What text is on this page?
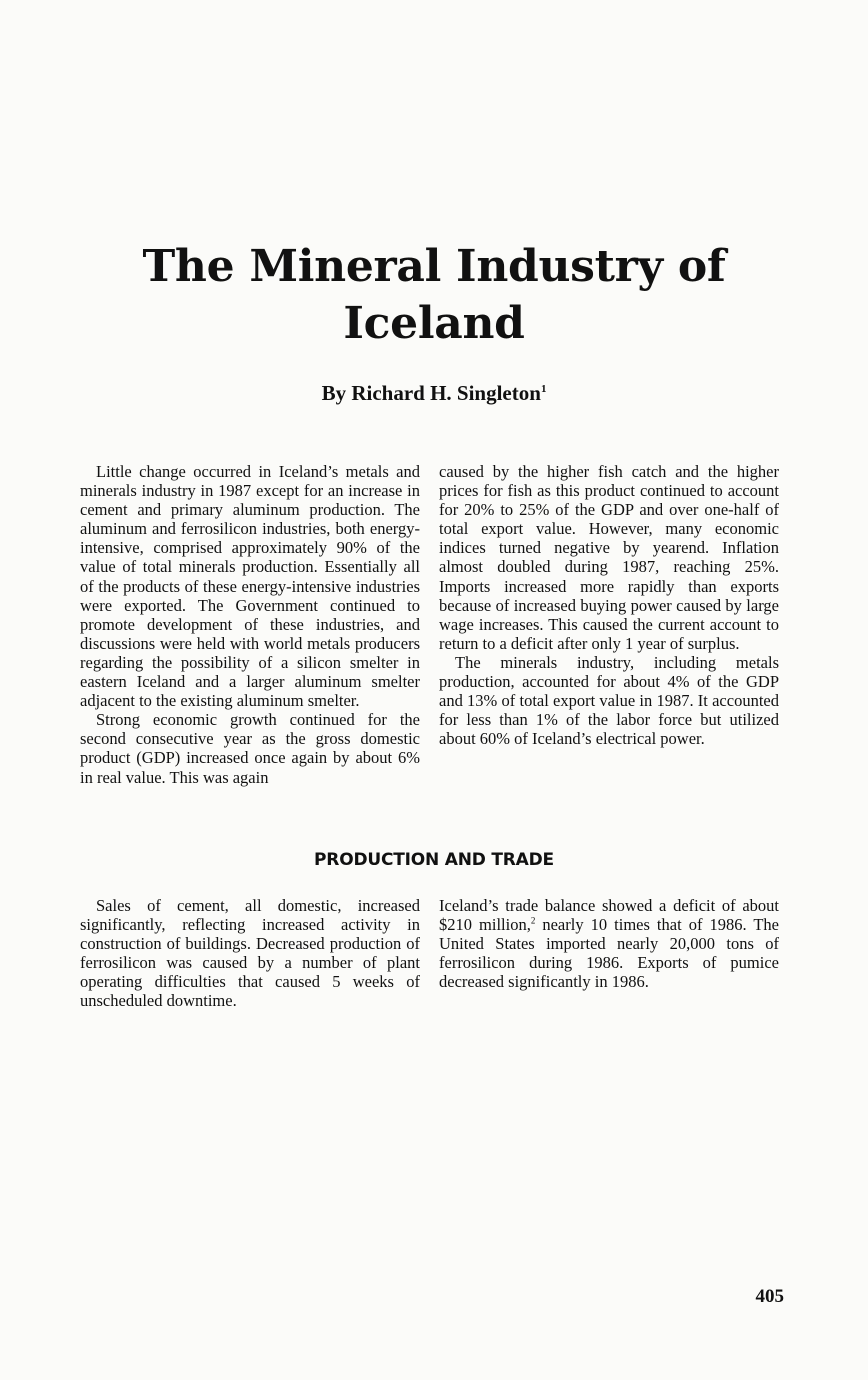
The Mineral Industry of
Iceland
By Richard H. Singleton$^1$

Little change occurred in Iceland’s metals and minerals industry in 1987 except for an increase in cement and primary aluminum production. The aluminum and ferrosilicon industries, both energy-intensive, comprised approximately 90% of the value of total minerals production. Essentially all of the products of these energy-intensive industries were exported. The Government continued to promote development of these industries, and discussions were held with world metals producers regarding the possibility of a silicon smelter in eastern Iceland and a larger aluminum smelter adjacent to the existing aluminum smelter.

Strong economic growth continued for the second consecutive year as the gross domestic product (GDP) increased once again by about 6% in real value. This was again

caused by the higher fish catch and the higher prices for fish as this product continued to account for 20% to 25% of the GDP and over one-half of total export value. However, many economic indices turned negative by yearend. Inflation almost doubled during 1987, reaching 25%. Imports increased more rapidly than exports because of increased buying power caused by large wage increases. This caused the current account to return to a deficit after only 1 year of surplus.

The minerals industry, including metals production, accounted for about 4% of the GDP and 13% of total export value in 1987. It accounted for less than 1% of the labor force but utilized about 60% of Iceland’s electrical power.

PRODUCTION AND TRADE

Sales of cement, all domestic, increased significantly, reflecting increased activity in construction of buildings. Decreased production of ferrosilicon was caused by a number of plant operating difficulties that caused 5 weeks of unscheduled downtime.

Iceland’s trade balance showed a deficit of about $210 million,$^2$ nearly 10 times that of 1986. The United States imported nearly 20,000 tons of ferrosilicon during 1986. Exports of pumice decreased significantly in 1986.

405
